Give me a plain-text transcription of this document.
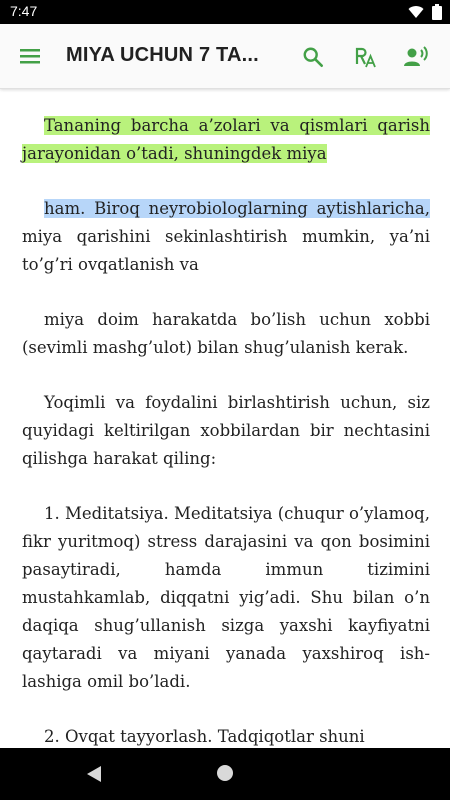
7:47
MIYA UCHUN 7 TA...

Tananing barcha a’zolari va qismlari qarish jarayonidan o’tadi, shuningdek miya

ham. Biroq neyrobiologlarning aytishlaricha, miya qarishini sekinlashtirish mumkin, ya’ni to’g’ri ovqatlanish va

miya doim harakatda bo’lish uchun xobbi (sevimli mashg’ulot) bilan shug’ulanish kerak.

Yoqimli va foydalini birlashtirish uchun, siz quyidagi keltirilgan xobbilardan bir nechtasini qilishga harakat qiling:

1. Meditatsiya. Meditatsiya (chuqur o’ylamoq, fikr yuritmoq) stress darajasini va qon bosimini pasaytiradi, hamda immun tizimini mustahkamlab, diqqatni yig’adi. Shu bilan o’n daqiqa shug’ullanish sizga yaxshi kayfiyatni qaytaradi va miyani yanada yaxshiroq ish-lashiga omil bo’ladi.

2. Ovqat tayyorlash. Tadqiqotlar shuni
